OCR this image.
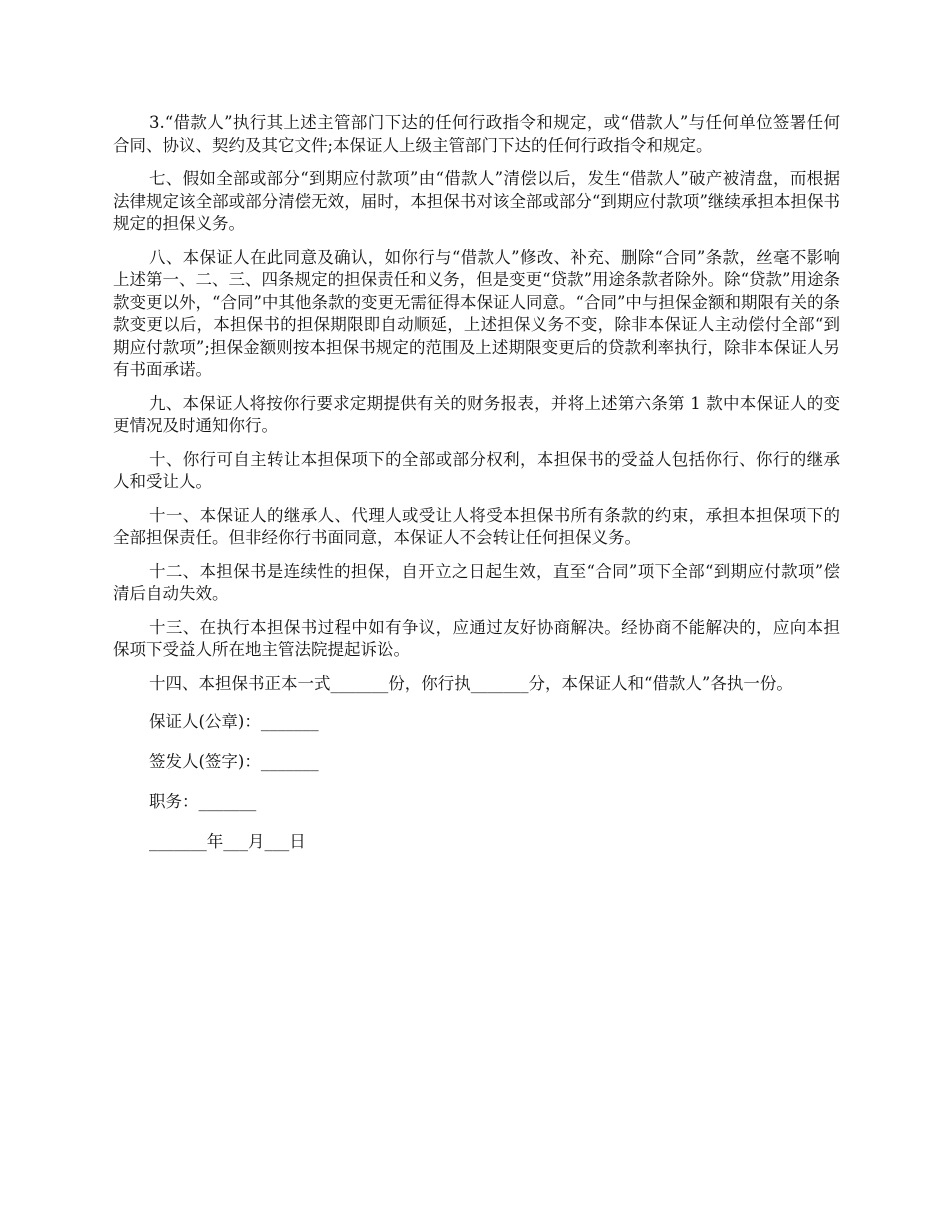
3.“借款人”执行其上述主管部门下达的任何行政指令和规定，或“借款人”与任何单位签署任何合同、协议、契约及其它文件;本保证人上级主管部门下达的任何行政指令和规定。

七、假如全部或部分“到期应付款项”由“借款人”清偿以后，发生“借款人”破产被清盘，而根据法律规定该全部或部分清偿无效，届时，本担保书对该全部或部分“到期应付款项”继续承担本担保书规定的担保义务。

八、本保证人在此同意及确认，如你行与“借款人”修改、补充、删除“合同”条款，丝毫不影响上述第一、二、三、四条规定的担保责任和义务，但是变更“贷款”用途条款者除外。除“贷款”用途条款变更以外，“合同”中其他条款的变更无需征得本保证人同意。“合同”中与担保金额和期限有关的条款变更以后，本担保书的担保期限即自动顺延，上述担保义务不变，除非本保证人主动偿付全部“到期应付款项”;担保金额则按本担保书规定的范围及上述期限变更后的贷款利率执行，除非本保证人另有书面承诺。

九、本保证人将按你行要求定期提供有关的财务报表，并将上述第六条第 1 款中本保证人的变更情况及时通知你行。

十、你行可自主转让本担保项下的全部或部分权利，本担保书的受益人包括你行、你行的继承人和受让人。

十一、本保证人的继承人、代理人或受让人将受本担保书所有条款的约束，承担本担保项下的全部担保责任。但非经你行书面同意，本保证人不会转让任何担保义务。

十二、本担保书是连续性的担保，自开立之日起生效，直至“合同”项下全部“到期应付款项”偿清后自动失效。

十三、在执行本担保书过程中如有争议，应通过友好协商解决。经协商不能解决的，应向本担保项下受益人所在地主管法院提起诉讼。

十四、本担保书正本一式_______份，你行执_______分，本保证人和“借款人”各执一份。

保证人(公章)：_______
签发人(签字)：_______
职务：_______
_______年___月___日
